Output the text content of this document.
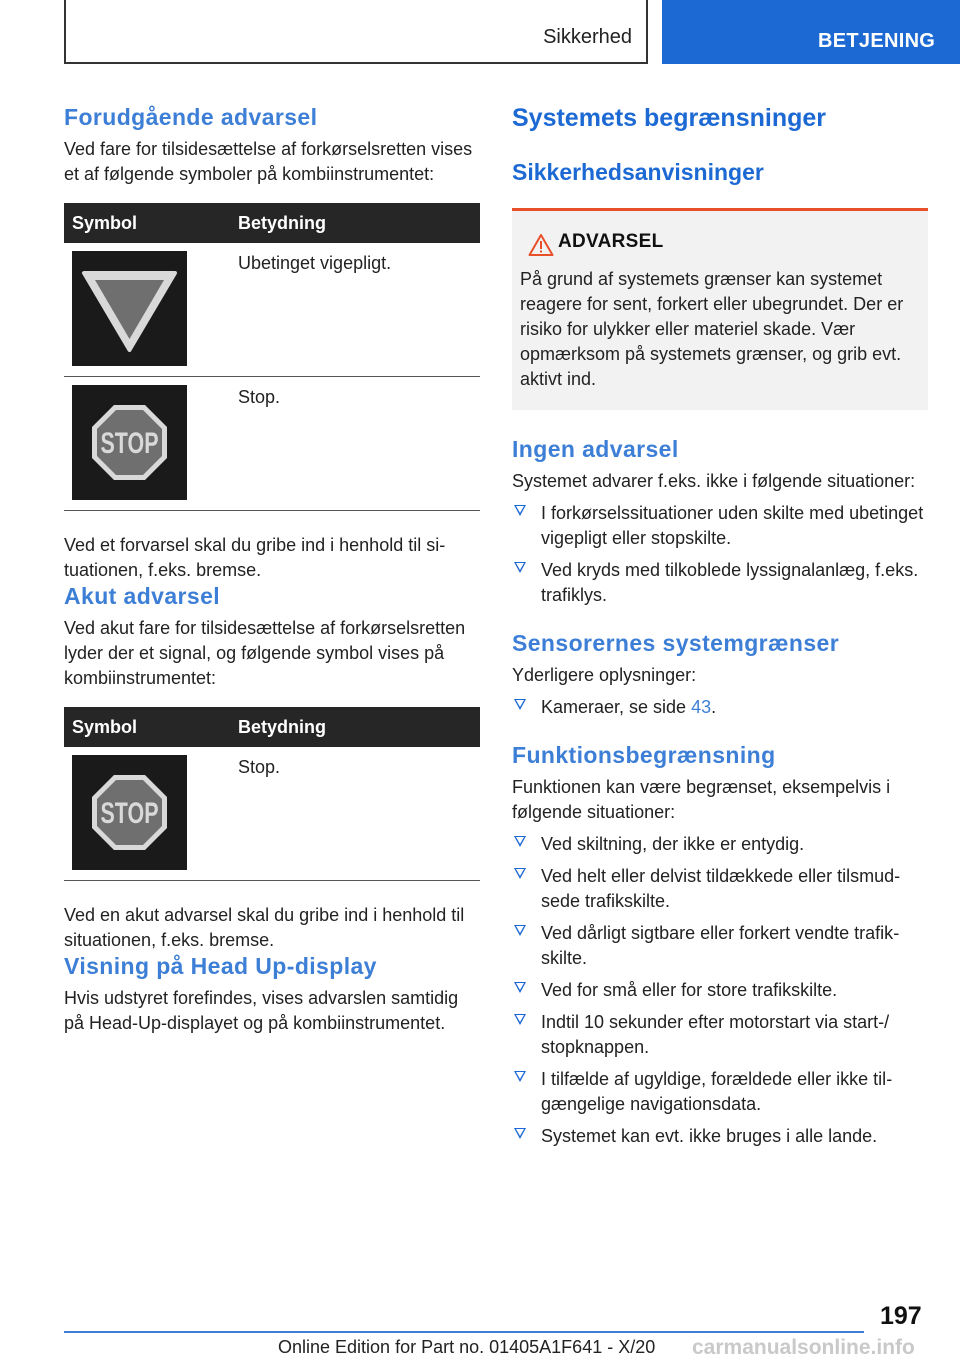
Sikkerhed	BETJENING
Forudgående advarsel

Ved fare for tilsidesættelse af forkørselsretten vises et af følgende symboler på kombiinstrumentet:

Symbol	Betydning

	Ubetinget vigepligt.

STOP	Stop.

Ved et forvarsel skal du gribe ind i henhold til situationen, f.eks. bremse.

Akut advarsel

Ved akut fare for tilsidesættelse af forkørselsretten lyder der et signal, og følgende symbol vises på kombiinstrumentet:

Symbol	Betydning

STOP	Stop.

Ved en akut advarsel skal du gribe ind i henhold til situationen, f.eks. bremse.

Visning på Head Up-display

Hvis udstyret forefindes, vises advarslen samtidig på Head-Up-displayet og på kombiinstrumentet.

Systemets begrænsninger
Sikkerhedsanvisninger
ADVARSEL

På grund af systemets grænser kan systemet reagere for sent, forkert eller ubegrundet. Der er risiko for ulykker eller materiel skade. Vær opmærksom på systemets grænser, og grib evt. aktivt ind.

Ingen advarsel

Systemet advarer f.eks. ikke i følgende situationer:

I forkørselssituationer uden skilte med ubetinget vigepligt eller stopskilte.
Ved kryds med tilkoblede lyssignalanlæg, f.eks. trafiklys.
Sensorernes systemgrænser

Yderligere oplysninger:

Kameraer, se side 43.
Funktionsbegrænsning

Funktionen kan være begrænset, eksempelvis i følgende situationer:

Ved skiltning, der ikke er entydig.
Ved helt eller delvist tildækkede eller tilsmudsede trafikskilte.
Ved dårligt sigtbare eller forkert vendte trafikskilte.
Ved for små eller for store trafikskilte.
Indtil 10 sekunder efter motorstart via start-/ stopknappen.
I tilfælde af ugyldige, forældede eller ikke tilgængelige navigationsdata.
Systemet kan evt. ikke bruges i alle lande.
197
Online Edition for Part no. 01405A1F641 - X/20 carmanualsonline.info
